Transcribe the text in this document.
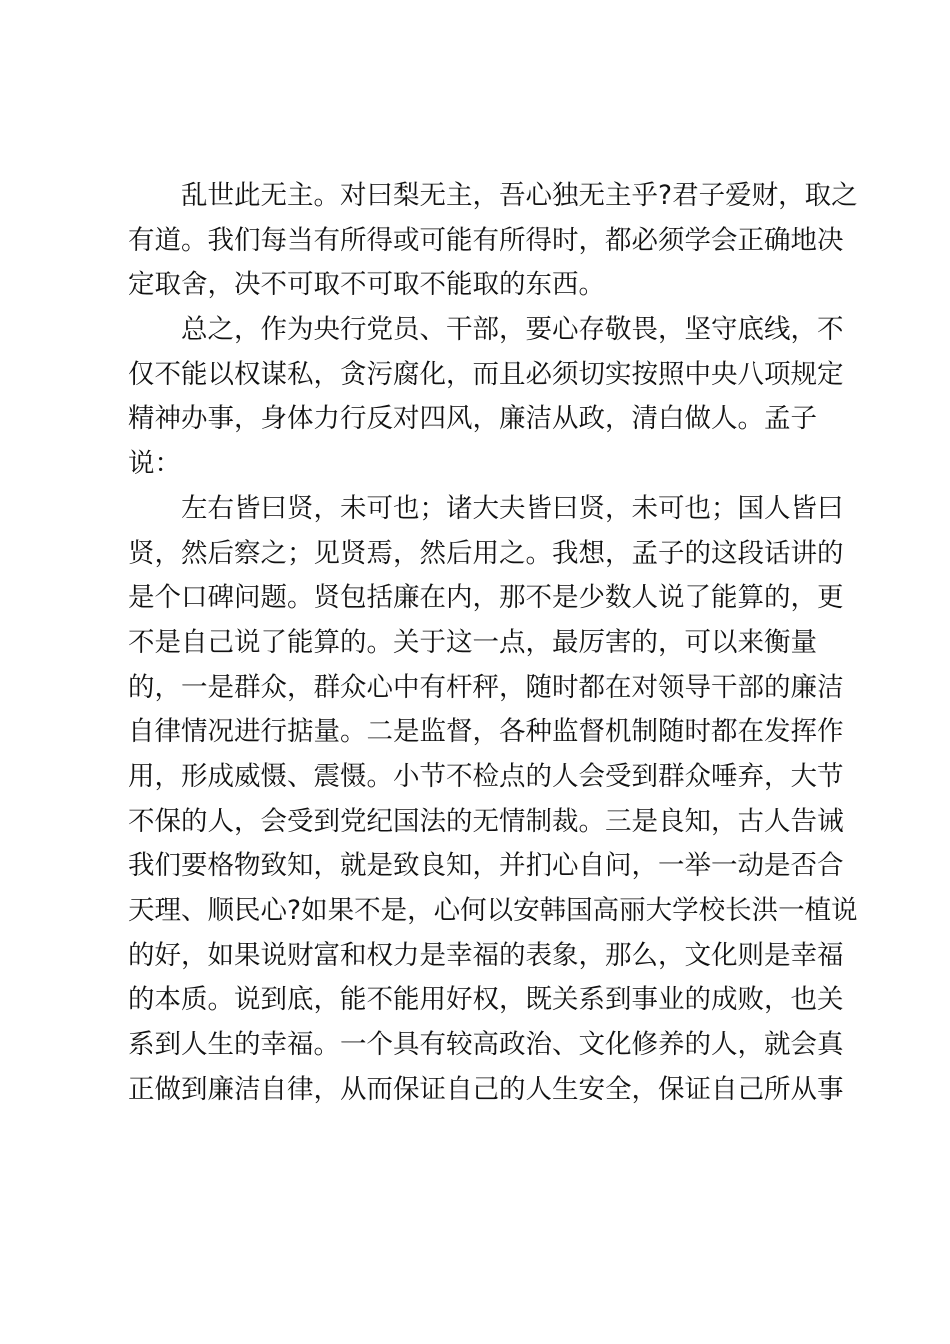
乱世此无主。对曰梨无主，吾心独无主乎?君子爱财，取之
有道。我们每当有所得或可能有所得时，都必须学会正确地决
定取舍，决不可取不可取不能取的东西。
总之，作为央行党员、干部，要心存敬畏，坚守底线，不
仅不能以权谋私，贪污腐化，而且必须切实按照中央八项规定
精神办事，身体力行反对四风，廉洁从政，清白做人。孟子
说：
左右皆曰贤，未可也；诸大夫皆曰贤，未可也；国人皆曰
贤，然后察之；见贤焉，然后用之。我想，孟子的这段话讲的
是个口碑问题。贤包括廉在内，那不是少数人说了能算的，更
不是自己说了能算的。关于这一点，最厉害的，可以来衡量
的，一是群众，群众心中有杆秤，随时都在对领导干部的廉洁
自律情况进行掂量。二是监督，各种监督机制随时都在发挥作
用，形成威慑、震慑。小节不检点的人会受到群众唾弃，大节
不保的人，会受到党纪国法的无情制裁。三是良知，古人告诫
我们要格物致知，就是致良知，并扪心自问，一举一动是否合
天理、顺民心?如果不是，心何以安韩国高丽大学校长洪一植说
的好，如果说财富和权力是幸福的表象，那么，文化则是幸福
的本质。说到底，能不能用好权，既关系到事业的成败，也关
系到人生的幸福。一个具有较高政治、文化修养的人，就会真
正做到廉洁自律，从而保证自己的人生安全，保证自己所从事
